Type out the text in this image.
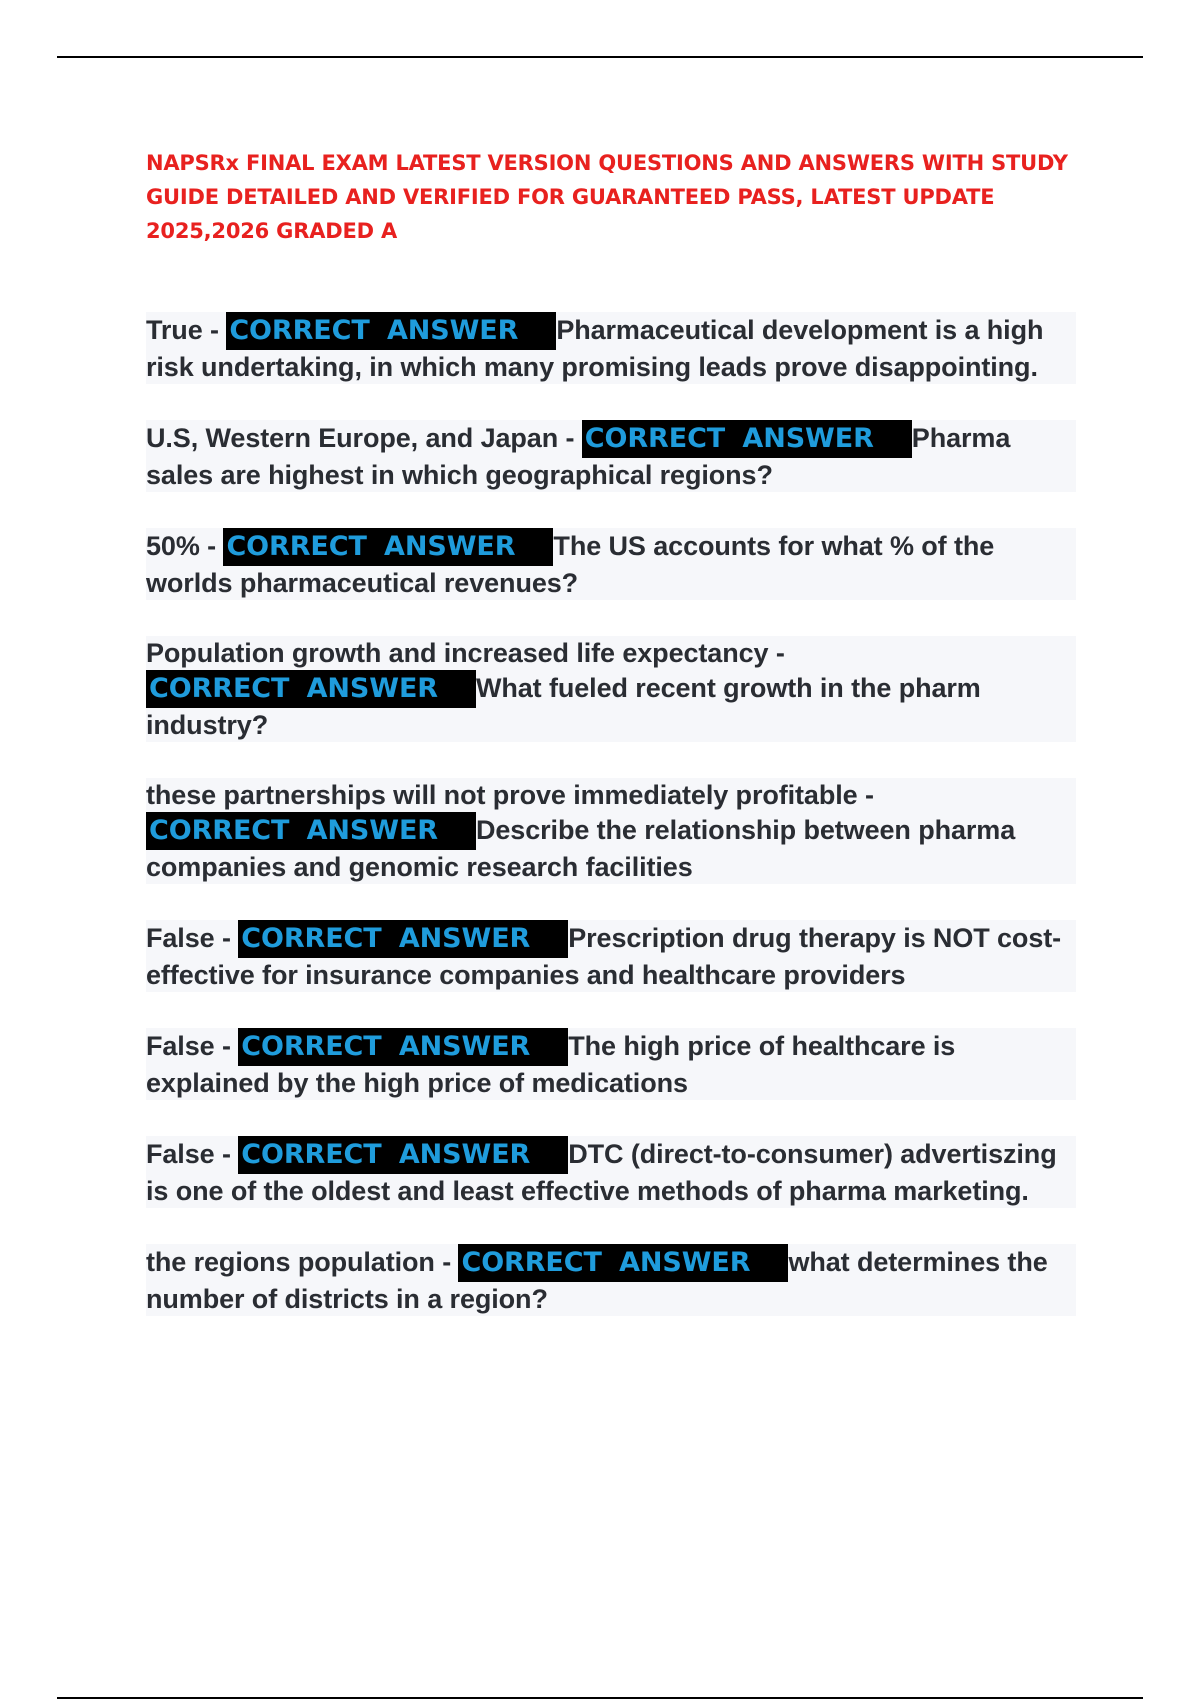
NAPSRx FINAL EXAM LATEST VERSION QUESTIONS AND ANSWERS WITH STUDY GUIDE DETAILED AND VERIFIED FOR GUARANTEED PASS, LATEST UPDATE 2025,2026 GRADED A

True - CORRECT ANSWER Pharmaceutical development is a high risk undertaking, in which many promising leads prove disappointing.

U.S, Western Europe, and Japan - CORRECT ANSWER Pharma sales are highest in which geographical regions?

50% - CORRECT ANSWER The US accounts for what % of the worlds pharmaceutical revenues?

Population growth and increased life expectancy - CORRECT ANSWER What fueled recent growth in the pharm industry?

these partnerships will not prove immediately profitable - CORRECT ANSWER Describe the relationship between pharma companies and genomic research facilities

False - CORRECT ANSWER Prescription drug therapy is NOT cost-effective for insurance companies and healthcare providers

False - CORRECT ANSWER The high price of healthcare is explained by the high price of medications

False - CORRECT ANSWER DTC (direct-to-consumer) advertiszing is one of the oldest and least effective methods of pharma marketing.

the regions population - CORRECT ANSWER what determines the number of districts in a region?
